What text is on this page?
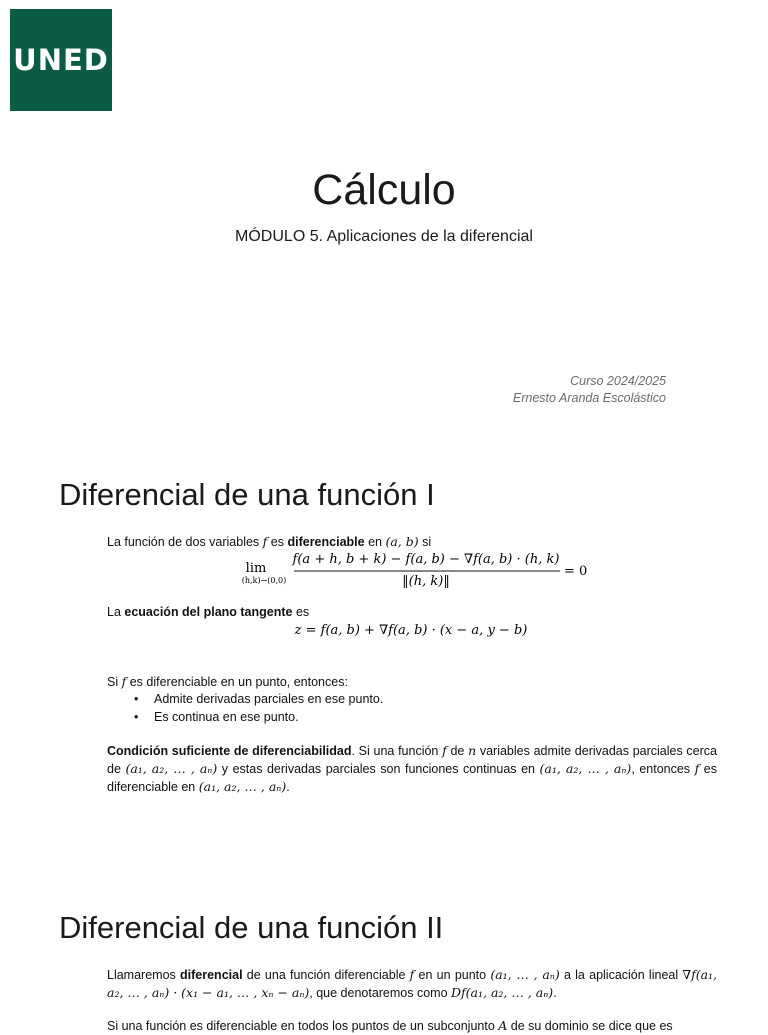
UNED
Cálculo
MÓDULO 5. Aplicaciones de la diferencial
Curso 2024/2025
Ernesto Aranda Escolástico
Diferencial de una función I
La función de dos variables f es diferenciable en (a, b) si
lim
(h,k)→(0,0)
f(a + h, b + k) − f(a, b) − ∇f(a, b) · (h, k)
‖(h, k)‖
= 0
La ecuación del plano tangente es
z = f(a, b) + ∇f(a, b) · (x − a, y − b)
Si f es diferenciable en un punto, entonces:
•	Admite derivadas parciales en ese punto.
•	Es continua en ese punto.
Condición suficiente de diferenciabilidad. Si una función f de n variables admite derivadas parciales cerca de (a₁, a₂, … , aₙ) y estas derivadas parciales son funciones continuas en (a₁, a₂, … , aₙ), entonces f es diferenciable en (a₁, a₂, … , aₙ).
Diferencial de una función II
Llamaremos diferencial de una función diferenciable f en un punto (a₁, … , aₙ) a la aplicación lineal ∇f(a₁, a₂, … , aₙ) · (x₁ − a₁, … , xₙ − aₙ), que denotaremos como Df(a₁, a₂, … , aₙ).
Si una función es diferenciable en todos los puntos de un subconjunto A de su dominio se dice que es
